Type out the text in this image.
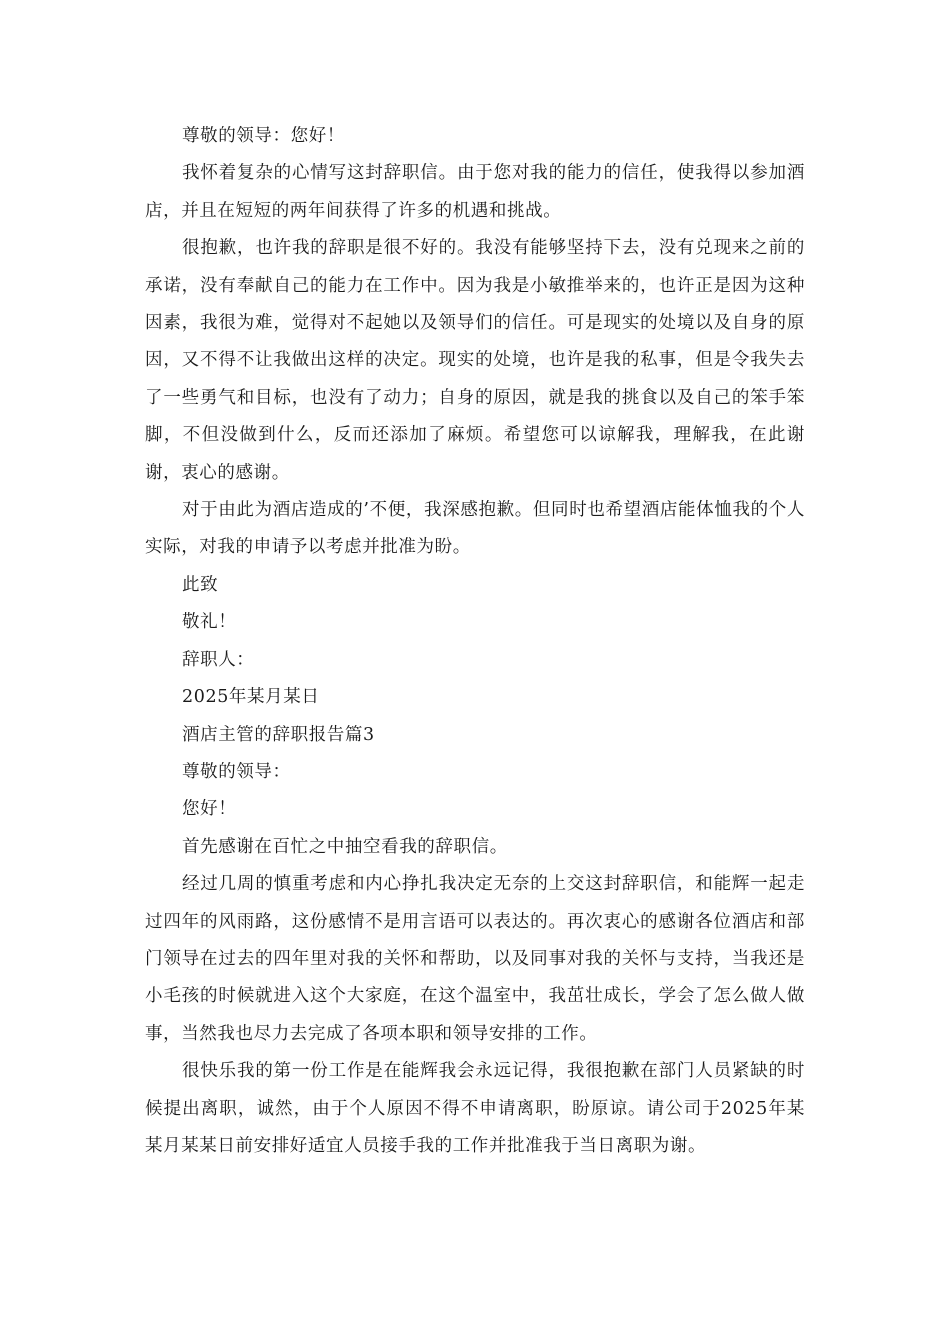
尊敬的领导：您好！

我怀着复杂的心情写这封辞职信。由于您对我的能力的信任，使我得以参加酒店，并且在短短的两年间获得了许多的机遇和挑战。

很抱歉，也许我的辞职是很不好的。我没有能够坚持下去，没有兑现来之前的承诺，没有奉献自己的能力在工作中。因为我是小敏推举来的，也许正是因为这种因素，我很为难，觉得对不起她以及领导们的信任。可是现实的处境以及自身的原因，又不得不让我做出这样的决定。现实的处境，也许是我的私事，但是令我失去了一些勇气和目标，也没有了动力；自身的原因，就是我的挑食以及自己的笨手笨脚，不但没做到什么，反而还添加了麻烦。希望您可以谅解我，理解我，在此谢谢，衷心的感谢。

对于由此为酒店造成的’不便，我深感抱歉。但同时也希望酒店能体恤我的个人实际，对我的申请予以考虑并批准为盼。

此致

敬礼！

辞职人：

2025年某月某日

酒店主管的辞职报告篇3

尊敬的领导：

您好！

首先感谢在百忙之中抽空看我的辞职信。

经过几周的慎重考虑和内心挣扎我决定无奈的上交这封辞职信，和能辉一起走过四年的风雨路，这份感情不是用言语可以表达的。再次衷心的感谢各位酒店和部门领导在过去的四年里对我的关怀和帮助，以及同事对我的关怀与支持，当我还是小毛孩的时候就进入这个大家庭，在这个温室中，我茁壮成长，学会了怎么做人做事，当然我也尽力去完成了各项本职和领导安排的工作。

很快乐我的第一份工作是在能辉我会永远记得，我很抱歉在部门人员紧缺的时候提出离职，诚然，由于个人原因不得不申请离职，盼原谅。请公司于2025年某某月某某日前安排好适宜人员接手我的工作并批准我于当日离职为谢。
